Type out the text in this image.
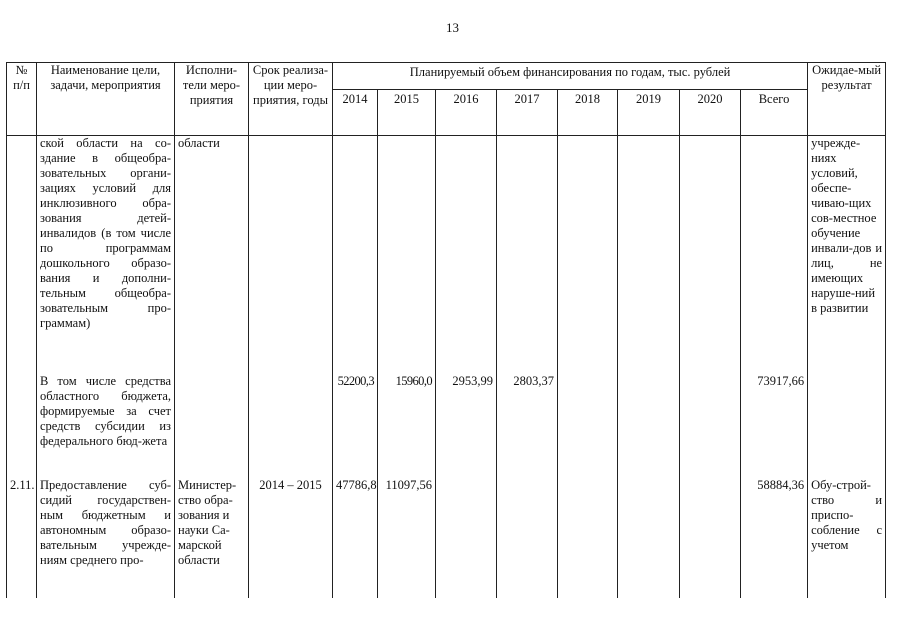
13
№ п/п	Наименование цели, задачи, мероприятия	Исполни-тели меро-приятия	Срок реализа-ции меро-приятия, годы	Планируемый объем финансирования по годам, тыс. рублей								Ожидае-мый результат
				2014	2015	2016	2017	2018	2019	2020	Всего	
	ской области на со-здание в общеобра-зовательных органи-зациях условий для инклюзивного обра-зования детей-инвалидов (в том числе по программам дошкольного образо-вания и дополни-тельным общеобра-зовательным про-граммам)	области										учрежде-ниях условий, обеспе-чиваю-щих сов-местное обучение инвали-дов и лиц, не имеющих наруше-ний в развитии
	В том числе средства областного бюджета, формируемые за счет средств субсидии из федерального бюд-жета			52200,3	15960,0	2953,99	2803,37				73917,66	
2.11.	Предоставление суб-сидий государствен-ным бюджетным и автономным образо-вательным учрежде-ниям среднего про-	Министер-ство обра-зования и науки Са-марской области	2014 – 2015	47786,8	11097,56						58884,36	Обу-строй-ство и приспо-собление с учетом
